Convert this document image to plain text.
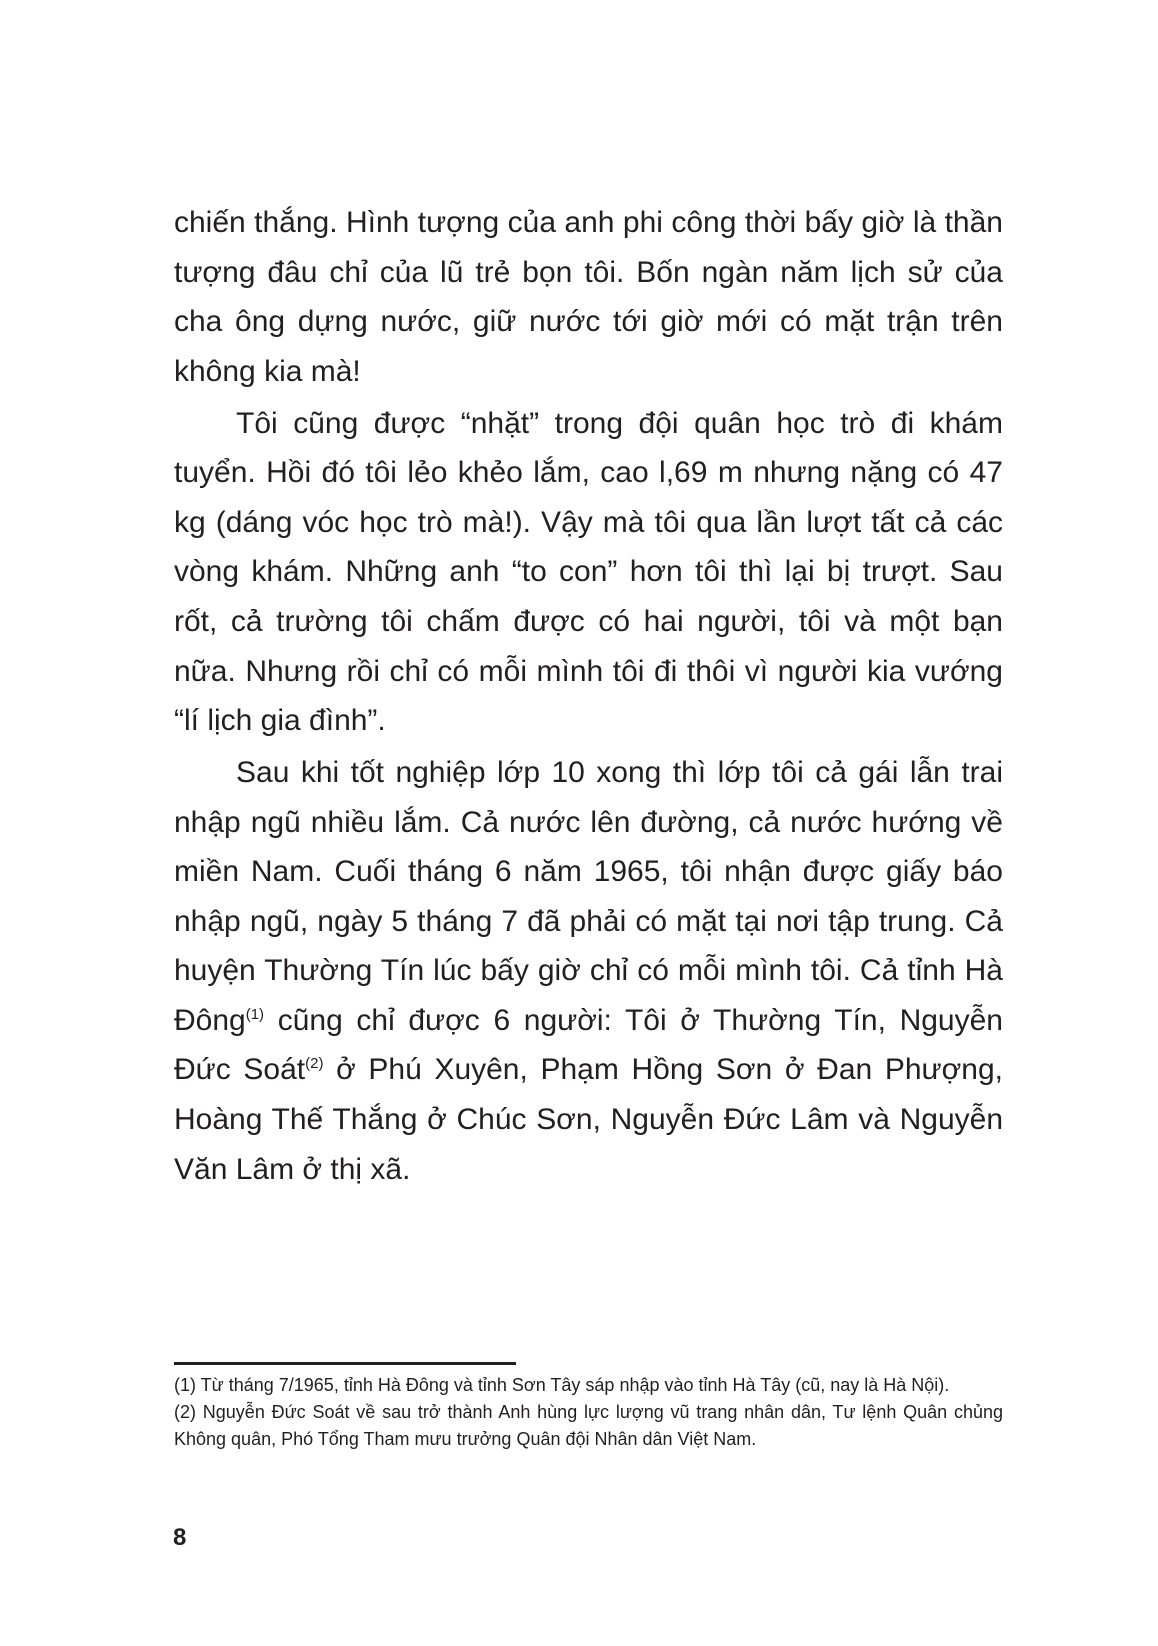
chiến thắng. Hình tượng của anh phi công thời bấy giờ là thần tượng đâu chỉ của lũ trẻ bọn tôi. Bốn ngàn năm lịch sử của cha ông dựng nước, giữ nước tới giờ mới có mặt trận trên không kia mà!

Tôi cũng được “nhặt” trong đội quân học trò đi khám tuyển. Hồi đó tôi lẻo khẻo lắm, cao l,69 m nhưng nặng có 47 kg (dáng vóc học trò mà!). Vậy mà tôi qua lần lượt tất cả các vòng khám. Những anh “to con” hơn tôi thì lại bị trượt. Sau rốt, cả trường tôi chấm được có hai người, tôi và một bạn nữa. Nhưng rồi chỉ có mỗi mình tôi đi thôi vì người kia vướng “lí lịch gia đình”.

Sau khi tốt nghiệp lớp 10 xong thì lớp tôi cả gái lẫn trai nhập ngũ nhiều lắm. Cả nước lên đường, cả nước hướng về miền Nam. Cuối tháng 6 năm 1965, tôi nhận được giấy báo nhập ngũ, ngày 5 tháng 7 đã phải có mặt tại nơi tập trung. Cả huyện Thường Tín lúc bấy giờ chỉ có mỗi mình tôi. Cả tỉnh Hà Đông$^{(1)}$ cũng chỉ được 6 người: Tôi ở Thường Tín, Nguyễn Đức Soát$^{(2)}$ ở Phú Xuyên, Phạm Hồng Sơn ở Đan Phượng, Hoàng Thế Thắng ở Chúc Sơn, Nguyễn Đức Lâm và Nguyễn Văn Lâm ở thị xã.

(1) Từ tháng 7/1965, tỉnh Hà Đông và tỉnh Sơn Tây sáp nhập vào tỉnh Hà Tây (cũ, nay là Hà Nội).

(2) Nguyễn Đức Soát về sau trở thành Anh hùng lực lượng vũ trang nhân dân, Tư lệnh Quân chủng Không quân, Phó Tổng Tham mưu trưởng Quân đội Nhân dân Việt Nam.

8
